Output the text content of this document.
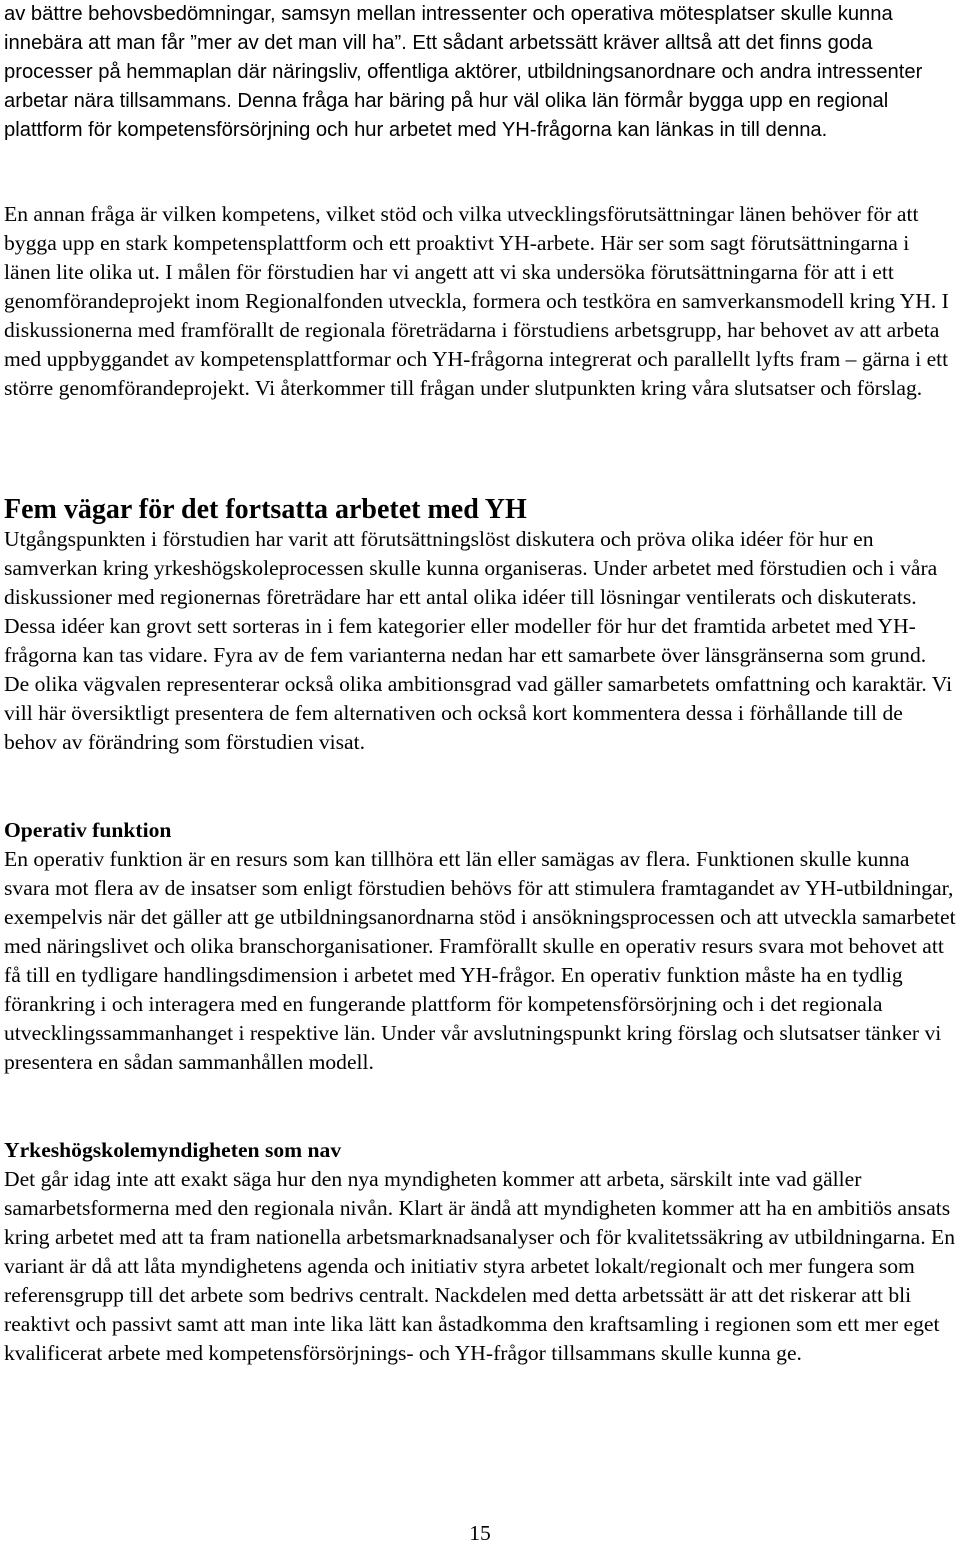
av bättre behovsbedömningar, samsyn mellan intressenter och operativa mötesplatser skulle kunna innebära att man får ”mer av det man vill ha”. Ett sådant arbetssätt kräver alltså att det finns goda processer på hemmaplan där näringsliv, offentliga aktörer, utbildningsanordnare och andra intressenter arbetar nära tillsammans. Denna fråga har bäring på hur väl olika län förmår bygga upp en regional plattform för kompetensförsörjning och hur arbetet med YH-frågorna kan länkas in till denna.

En annan fråga är vilken kompetens, vilket stöd och vilka utvecklingsförutsättningar länen behöver för att bygga upp en stark kompetensplattform och ett proaktivt YH-arbete. Här ser som sagt förutsättningarna i länen lite olika ut. I målen för förstudien har vi angett att vi ska undersöka förutsättningarna för att i ett genomförandeprojekt inom Regionalfonden utveckla, formera och testköra en samverkansmodell kring YH. I diskussionerna med framförallt de regionala företrädarna i förstudiens arbetsgrupp, har behovet av att arbeta med uppbyggandet av kompetensplattformar och YH-frågorna integrerat och parallellt lyfts fram – gärna i ett större genomförandeprojekt. Vi återkommer till frågan under slutpunkten kring våra slutsatser och förslag.

Fem vägar för det fortsatta arbetet med YH

Utgångspunkten i förstudien har varit att förutsättningslöst diskutera och pröva olika idéer för hur en samverkan kring yrkeshögskoleprocessen skulle kunna organiseras. Under arbetet med förstudien och i våra diskussioner med regionernas företrädare har ett antal olika idéer till lösningar ventilerats och diskuterats. Dessa idéer kan grovt sett sorteras in i fem kategorier eller modeller för hur det framtida arbetet med YH-frågorna kan tas vidare. Fyra av de fem varianterna nedan har ett samarbete över länsgränserna som grund. De olika vägvalen representerar också olika ambitionsgrad vad gäller samarbetets omfattning och karaktär. Vi vill här översiktligt presentera de fem alternativen och också kort kommentera dessa i förhållande till de behov av förändring som förstudien visat.

Operativ funktion

En operativ funktion är en resurs som kan tillhöra ett län eller samägas av flera. Funktionen skulle kunna svara mot flera av de insatser som enligt förstudien behövs för att stimulera framtagandet av YH-utbildningar, exempelvis när det gäller att ge utbildningsanordnarna stöd i ansökningsprocessen och att utveckla samarbetet med näringslivet och olika branschorganisationer. Framförallt skulle en operativ resurs svara mot behovet att få till en tydligare handlingsdimension i arbetet med YH-frågor. En operativ funktion måste ha en tydlig förankring i och interagera med en fungerande plattform för kompetensförsörjning och i det regionala utvecklingssammanhanget i respektive län. Under vår avslutningspunkt kring förslag och slutsatser tänker vi presentera en sådan sammanhållen modell.

Yrkeshögskolemyndigheten som nav

Det går idag inte att exakt säga hur den nya myndigheten kommer att arbeta, särskilt inte vad gäller samarbetsformerna med den regionala nivån. Klart är ändå att myndigheten kommer att ha en ambitiös ansats kring arbetet med att ta fram nationella arbetsmarknadsanalyser och för kvalitetssäkring av utbildningarna. En variant är då att låta myndighetens agenda och initiativ styra arbetet lokalt/regionalt och mer fungera som referensgrupp till det arbete som bedrivs centralt. Nackdelen med detta arbetssätt är att det riskerar att bli reaktivt och passivt samt att man inte lika lätt kan åstadkomma den kraftsamling i regionen som ett mer eget kvalificerat arbete med kompetensförsörjnings- och YH-frågor tillsammans skulle kunna ge.

15
